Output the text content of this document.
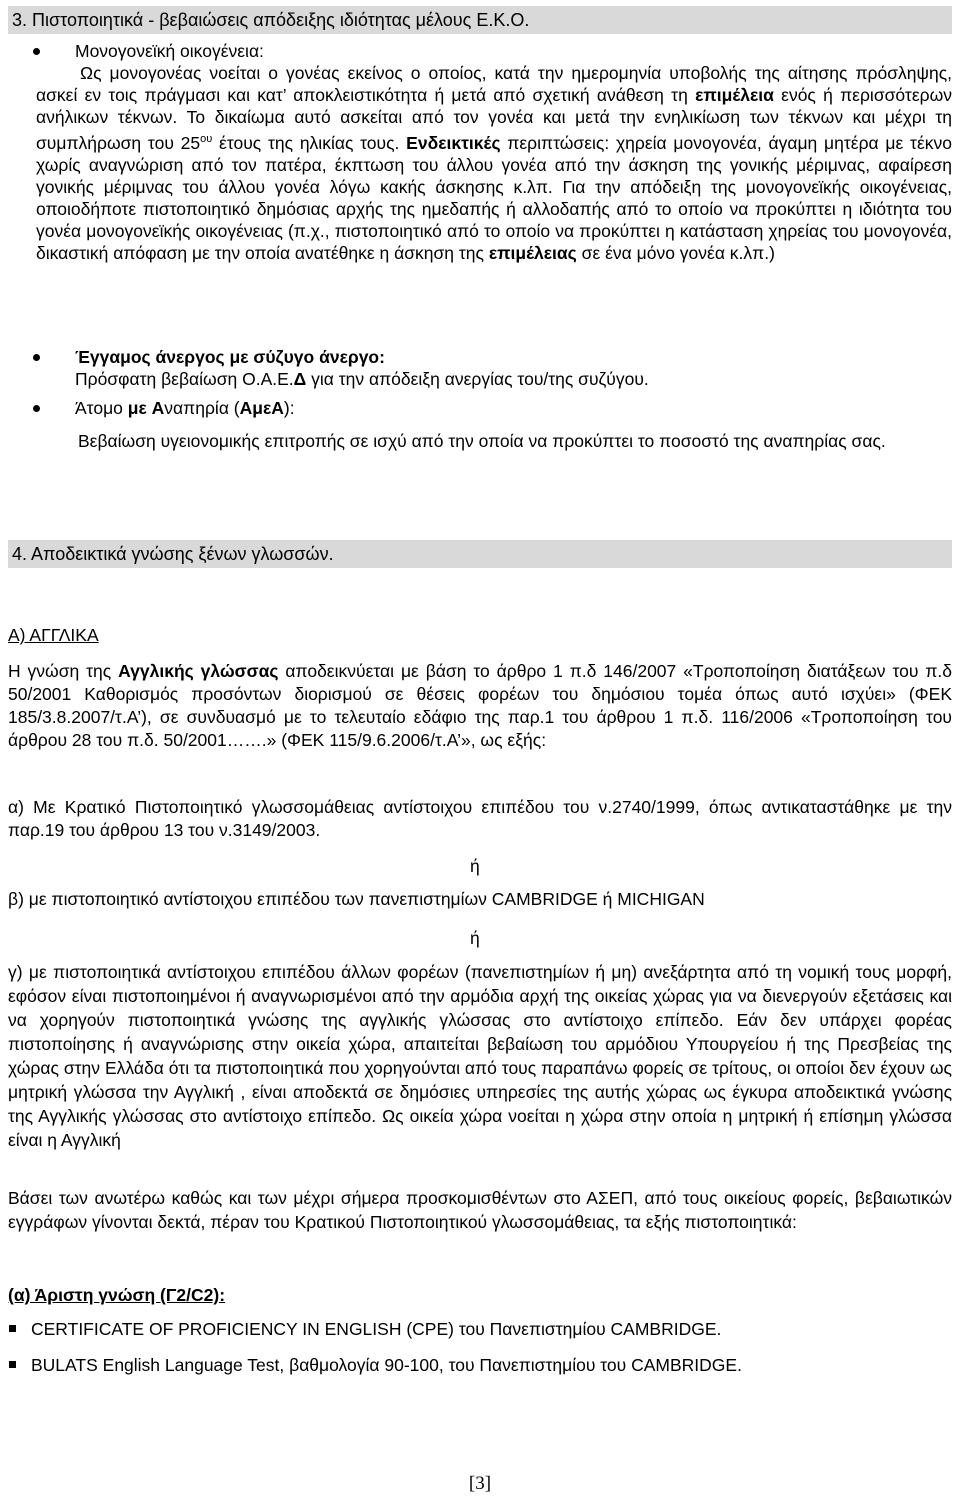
3. Πιστοποιητικά - βεβαιώσεις απόδειξης ιδιότητας μέλους Ε.Κ.Ο.
Μονογονεϊκή οικογένεια:
Ως μονογονέας νοείται ο γονέας εκείνος ο οποίος, κατά την ημερομηνία υποβολής της αίτησης πρόσληψης, ασκεί εν τοις πράγμασι και κατ’ αποκλειστικότητα ή μετά από σχετική ανάθεση τη επιμέλεια ενός ή περισσότερων ανήλικων τέκνων. Το δικαίωμα αυτό ασκείται από τον γονέα και μετά την ενηλικίωση των τέκνων και μέχρι τη συμπλήρωση του $25^{o\upsilon}$ έτους της ηλικίας τους. Ενδεικτικές περιπτώσεις: χηρεία μονογονέα, άγαμη μητέρα με τέκνο χωρίς αναγνώριση από τον πατέρα, έκπτωση του άλλου γονέα από την άσκηση της γονικής μέριμνας, αφαίρεση γονικής μέριμνας του άλλου γονέα λόγω κακής άσκησης κ.λπ. Για την απόδειξη της μονογονεϊκής οικογένειας, οποιοδήποτε πιστοποιητικό δημόσιας αρχής της ημεδαπής ή αλλοδαπής από το οποίο να προκύπτει η ιδιότητα του γονέα μονογονεϊκής οικογένειας (π.χ., πιστοποιητικό από το οποίο να προκύπτει η κατάσταση χηρείας του μονογονέα, δικαστική απόφαση με την οποία ανατέθηκε η άσκηση της επιμέλειας σε ένα μόνο γονέα κ.λπ.)
Έγγαμος άνεργος με σύζυγο άνεργο:
Πρόσφατη βεβαίωση Ο.Α.Ε.Δ για την απόδειξη ανεργίας του/της συζύγου.
Άτομο με Αναπηρία (ΑμεΑ):
Βεβαίωση υγειονομικής επιτροπής σε ισχύ από την οποία να προκύπτει το ποσοστό της αναπηρίας σας.
4. Αποδεικτικά γνώσης ξένων γλωσσών.
Α) ΑΓΓΛΙΚΑ
Η γνώση της Αγγλικής γλώσσας αποδεικνύεται με βάση το άρθρο 1 π.δ 146/2007 «Τροποποίηση διατάξεων του π.δ 50/2001 Καθορισμός προσόντων διορισμού σε θέσεις φορέων του δημόσιου τομέα όπως αυτό ισχύει» (ΦΕΚ 185/3.8.2007/τ.Α’), σε συνδυασμό με το τελευταίο εδάφιο της παρ.1 του άρθρου 1 π.δ. 116/2006 «Τροποποίηση του άρθρου 28 του π.δ. 50/2001…….» (ΦΕΚ 115/9.6.2006/τ.Α’», ως εξής:
α) Με Κρατικό Πιστοποιητικό γλωσσομάθειας αντίστοιχου επιπέδου του ν.2740/1999, όπως αντικαταστάθηκε με την παρ.19 του άρθρου 13 του ν.3149/2003.
ή
β) με πιστοποιητικό αντίστοιχου επιπέδου των πανεπιστημίων CAMBRIDGE ή MICHIGAN
ή
γ) με πιστοποιητικά αντίστοιχου επιπέδου άλλων φορέων (πανεπιστημίων ή μη) ανεξάρτητα από τη νομική τους μορφή, εφόσον είναι πιστοποιημένοι ή αναγνωρισμένοι από την αρμόδια αρχή της οικείας χώρας για να διενεργούν εξετάσεις και να χορηγούν πιστοποιητικά γνώσης της αγγλικής γλώσσας στο αντίστοιχο επίπεδο. Εάν δεν υπάρχει φορέας πιστοποίησης ή αναγνώρισης στην οικεία χώρα, απαιτείται βεβαίωση του αρμόδιου Υπουργείου ή της Πρεσβείας της χώρας στην Ελλάδα ότι τα πιστοποιητικά που χορηγούνται από τους παραπάνω φορείς σε τρίτους, οι οποίοι δεν έχουν ως μητρική γλώσσα την Αγγλική , είναι αποδεκτά σε δημόσιες υπηρεσίες της αυτής χώρας ως έγκυρα αποδεικτικά γνώσης της Αγγλικής γλώσσας στο αντίστοιχο επίπεδο. Ως οικεία χώρα νοείται η χώρα στην οποία η μητρική ή επίσημη γλώσσα είναι η Αγγλική
Βάσει των ανωτέρω καθώς και των μέχρι σήμερα προσκομισθέντων στο ΑΣΕΠ, από τους οικείους φορείς, βεβαιωτικών εγγράφων γίνονται δεκτά, πέραν του Κρατικού Πιστοποιητικού γλωσσομάθειας, τα εξής πιστοποιητικά:
(α) Άριστη γνώση (Γ2/C2):
CERTIFICATE OF PROFICIENCY IN ENGLISH (CPE) του Πανεπιστημίου CAMBRIDGE.
BULATS English Language Test, βαθμολογία 90-100, του Πανεπιστημίου του CAMBRIDGE.
[3]
